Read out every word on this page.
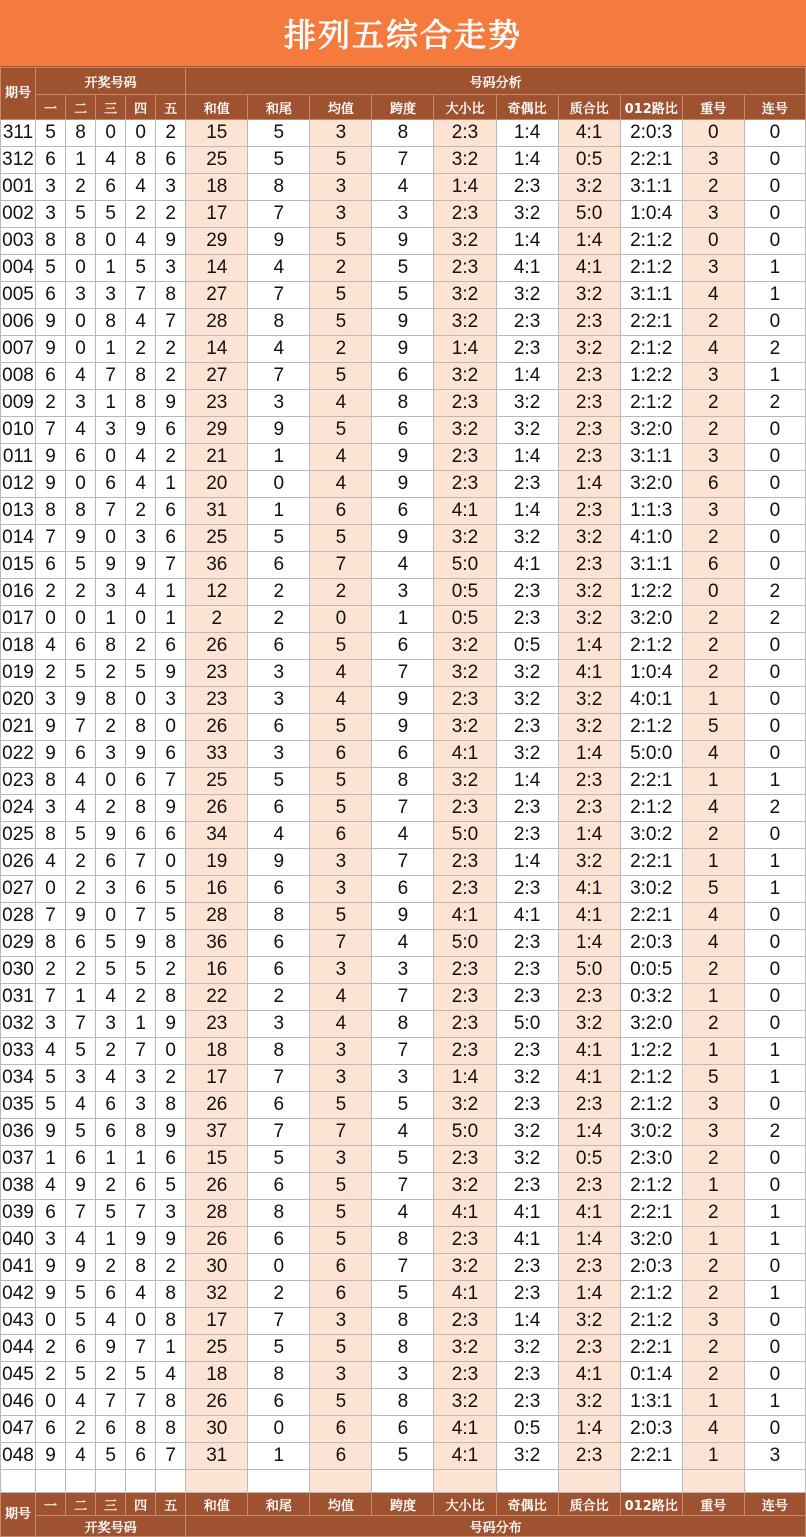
排列五综合走势
期号	开奖号码					号码分析									
	一	二	三	四	五	和值	和尾	均值	跨度	大小比	奇偶比	质合比	012路比	重号	连号
311	5	8	0	0	2	15	5	3	8	2:3	1:4	4:1	2:0:3	0	0
312	6	1	4	8	6	25	5	5	7	3:2	1:4	0:5	2:2:1	3	0
001	3	2	6	4	3	18	8	3	4	1:4	2:3	3:2	3:1:1	2	0
002	3	5	5	2	2	17	7	3	3	2:3	3:2	5:0	1:0:4	3	0
003	8	8	0	4	9	29	9	5	9	3:2	1:4	1:4	2:1:2	0	0
004	5	0	1	5	3	14	4	2	5	2:3	4:1	4:1	2:1:2	3	1
005	6	3	3	7	8	27	7	5	5	3:2	3:2	3:2	3:1:1	4	1
006	9	0	8	4	7	28	8	5	9	3:2	2:3	2:3	2:2:1	2	0
007	9	0	1	2	2	14	4	2	9	1:4	2:3	3:2	2:1:2	4	2
008	6	4	7	8	2	27	7	5	6	3:2	1:4	2:3	1:2:2	3	1
009	2	3	1	8	9	23	3	4	8	2:3	3:2	2:3	2:1:2	2	2
010	7	4	3	9	6	29	9	5	6	3:2	3:2	2:3	3:2:0	2	0
011	9	6	0	4	2	21	1	4	9	2:3	1:4	2:3	3:1:1	3	0
012	9	0	6	4	1	20	0	4	9	2:3	2:3	1:4	3:2:0	6	0
013	8	8	7	2	6	31	1	6	6	4:1	1:4	2:3	1:1:3	3	0
014	7	9	0	3	6	25	5	5	9	3:2	3:2	3:2	4:1:0	2	0
015	6	5	9	9	7	36	6	7	4	5:0	4:1	2:3	3:1:1	6	0
016	2	2	3	4	1	12	2	2	3	0:5	2:3	3:2	1:2:2	0	2
017	0	0	1	0	1	2	2	0	1	0:5	2:3	3:2	3:2:0	2	2
018	4	6	8	2	6	26	6	5	6	3:2	0:5	1:4	2:1:2	2	0
019	2	5	2	5	9	23	3	4	7	3:2	3:2	4:1	1:0:4	2	0
020	3	9	8	0	3	23	3	4	9	2:3	3:2	3:2	4:0:1	1	0
021	9	7	2	8	0	26	6	5	9	3:2	2:3	3:2	2:1:2	5	0
022	9	6	3	9	6	33	3	6	6	4:1	3:2	1:4	5:0:0	4	0
023	8	4	0	6	7	25	5	5	8	3:2	1:4	2:3	2:2:1	1	1
024	3	4	2	8	9	26	6	5	7	2:3	2:3	2:3	2:1:2	4	2
025	8	5	9	6	6	34	4	6	4	5:0	2:3	1:4	3:0:2	2	0
026	4	2	6	7	0	19	9	3	7	2:3	1:4	3:2	2:2:1	1	1
027	0	2	3	6	5	16	6	3	6	2:3	2:3	4:1	3:0:2	5	1
028	7	9	0	7	5	28	8	5	9	4:1	4:1	4:1	2:2:1	4	0
029	8	6	5	9	8	36	6	7	4	5:0	2:3	1:4	2:0:3	4	0
030	2	2	5	5	2	16	6	3	3	2:3	2:3	5:0	0:0:5	2	0
031	7	1	4	2	8	22	2	4	7	2:3	2:3	2:3	0:3:2	1	0
032	3	7	3	1	9	23	3	4	8	2:3	5:0	3:2	3:2:0	2	0
033	4	5	2	7	0	18	8	3	7	2:3	2:3	4:1	1:2:2	1	1
034	5	3	4	3	2	17	7	3	3	1:4	3:2	4:1	2:1:2	5	1
035	5	4	6	3	8	26	6	5	5	3:2	2:3	2:3	2:1:2	3	0
036	9	5	6	8	9	37	7	7	4	5:0	3:2	1:4	3:0:2	3	2
037	1	6	1	1	6	15	5	3	5	2:3	3:2	0:5	2:3:0	2	0
038	4	9	2	6	5	26	6	5	7	3:2	2:3	2:3	2:1:2	1	0
039	6	7	5	7	3	28	8	5	4	4:1	4:1	4:1	2:2:1	2	1
040	3	4	1	9	9	26	6	5	8	2:3	4:1	1:4	3:2:0	1	1
041	9	9	2	8	2	30	0	6	7	3:2	2:3	2:3	2:0:3	2	0
042	9	5	6	4	8	32	2	6	5	4:1	2:3	1:4	2:1:2	2	1
043	0	5	4	0	8	17	7	3	8	2:3	1:4	3:2	2:1:2	3	0
044	2	6	9	7	1	25	5	5	8	3:2	3:2	2:3	2:2:1	2	0
045	2	5	2	5	4	18	8	3	3	2:3	2:3	4:1	0:1:4	2	0
046	0	4	7	7	8	26	6	5	8	3:2	2:3	3:2	1:3:1	1	1
047	6	2	6	8	8	30	0	6	6	4:1	0:5	1:4	2:0:3	4	0
048	9	4	5	6	7	31	1	6	5	4:1	3:2	2:3	2:2:1	1	3

期号	一	二	三	四	五	和值	和尾	均值	跨度	大小比	奇偶比	质合比	012路比	重号	连号
	开奖号码					号码分布									
